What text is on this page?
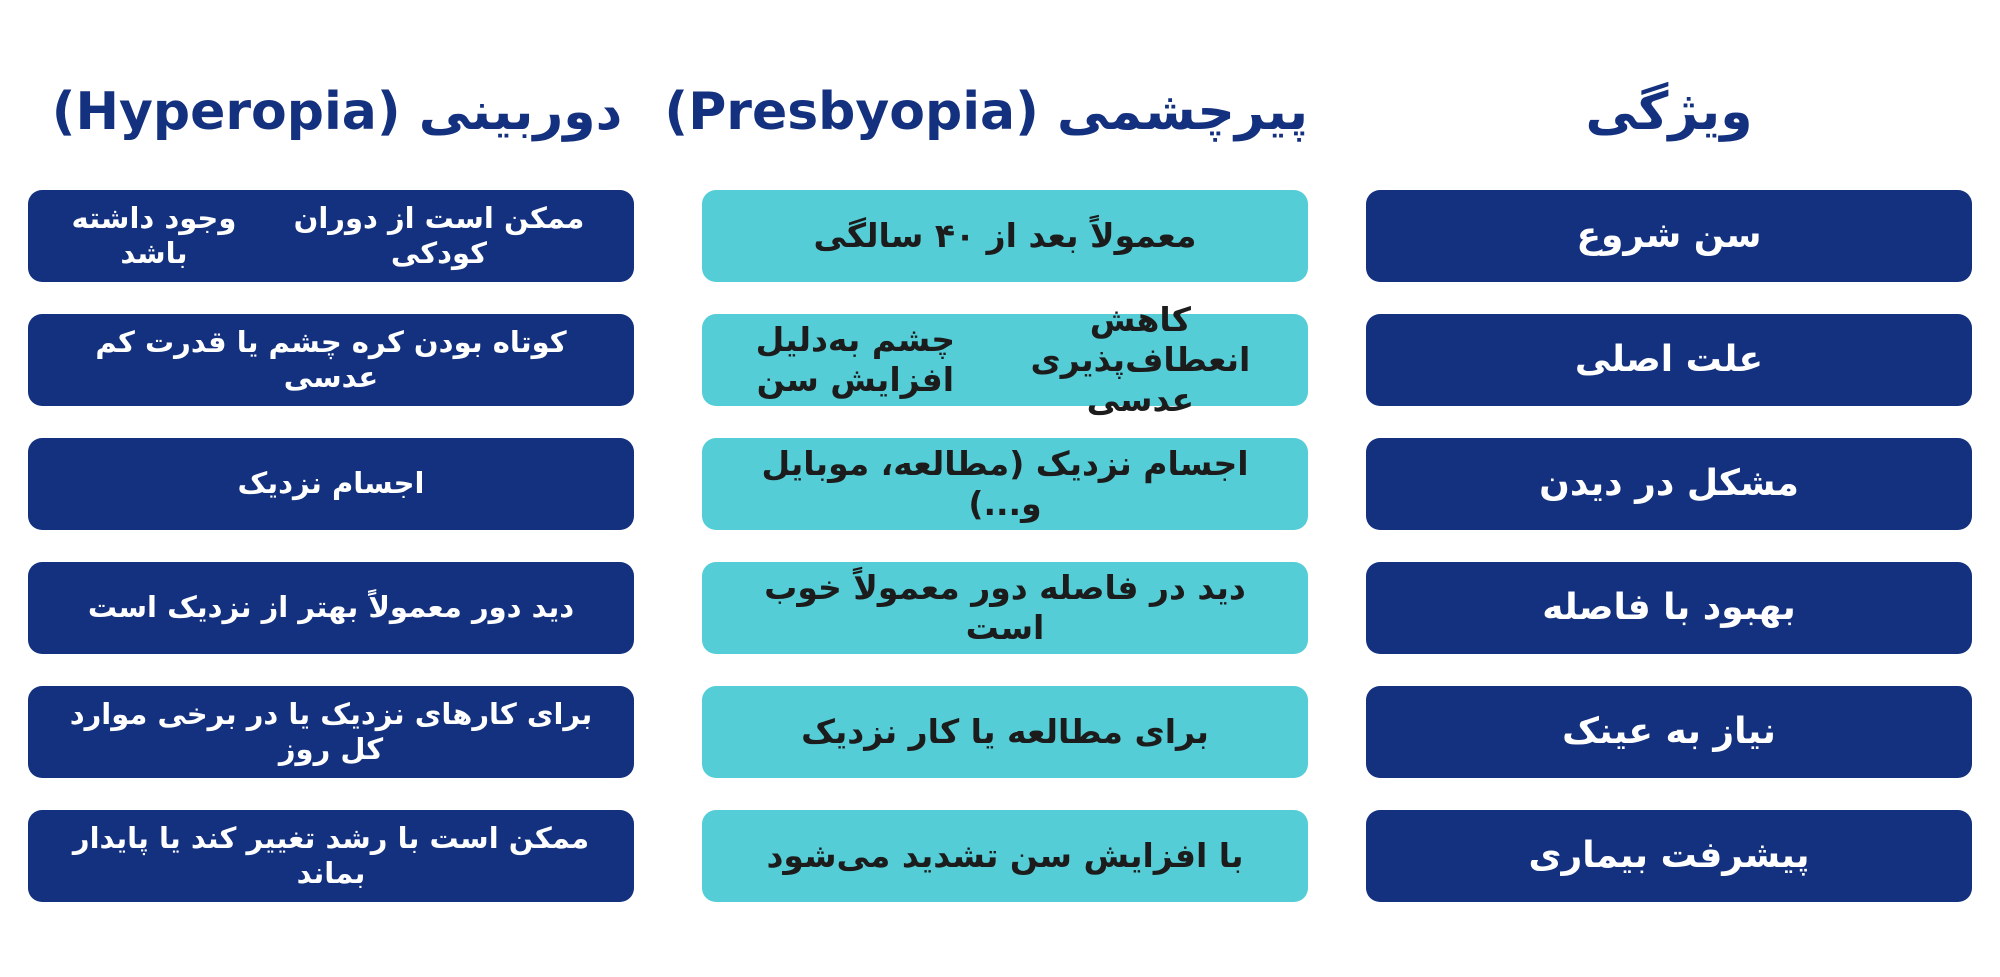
ویژگی
پیرچشمی (Presbyopia)
دوربینی (Hyperopia)
سن شروع
معمولاً بعد از ۴۰ سالگی
ممکن است از دوران کودکی
وجود داشته باشد
علت اصلی
کاهش انعطاف‌پذیری عدسی
چشم به‌دلیل افزایش سن
کوتاه بودن کره چشم یا قدرت کم عدسی
مشکل در دیدن
اجسام نزدیک (مطالعه، موبایل و...)
اجسام نزدیک
بهبود با فاصله
دید در فاصله دور معمولاً خوب است
دید دور معمولاً بهتر از نزدیک است
نیاز به عینک
برای مطالعه یا کار نزدیک
برای کارهای نزدیک یا در برخی موارد کل روز
پیشرفت بیماری
با افزایش سن تشدید می‌شود
ممکن است با رشد تغییر کند یا پایدار بماند
